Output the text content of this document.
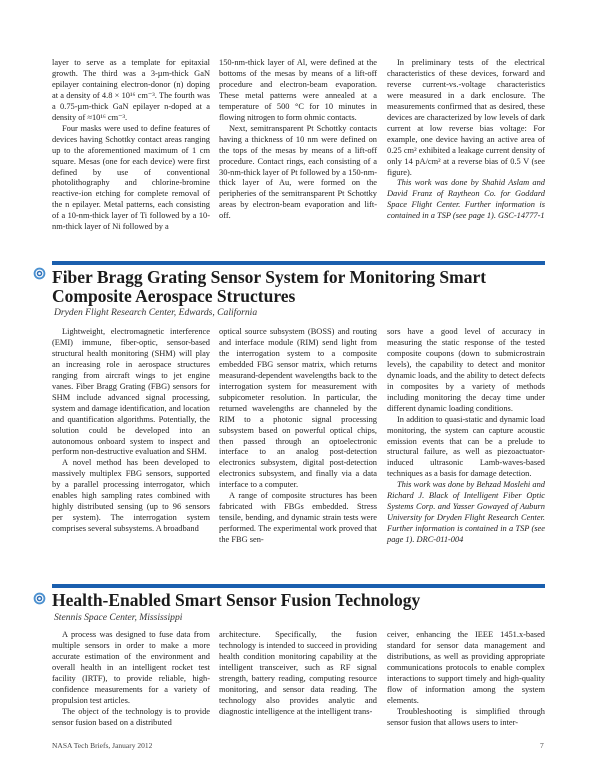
layer to serve as a template for epitaxial growth. The third was a 3-µm-thick GaN epilayer containing electron-donor (n) doping at a density of 4.8 × 10¹⁶ cm⁻³. The fourth was a 0.75-µm-thick GaN epilayer n-doped at a density of ≈10¹⁶ cm⁻³.

Four masks were used to define features of devices having Schottky contact areas ranging up to the aforementioned maximum of 1 cm square. Mesas (one for each device) were first defined by use of conventional photolithography and chlorine-bromine reactive-ion etching for complete removal of the n epilayer. Metal patterns, each consisting of a 10-nm-thick layer of Ti followed by a 10-nm-thick layer of Ni followed by a

150-nm-thick layer of Al, were defined at the bottoms of the mesas by means of a lift-off procedure and electron-beam evaporation. These metal patterns were annealed at a temperature of 500 °C for 10 minutes in flowing nitrogen to form ohmic contacts.

Next, semitransparent Pt Schottky contacts having a thickness of 10 nm were defined on the tops of the mesas by means of a lift-off procedure. Contact rings, each consisting of a 30-nm-thick layer of Pt followed by a 150-nm-thick layer of Au, were formed on the peripheries of the semitransparent Pt Schottky areas by electron-beam evaporation and lift-off.

In preliminary tests of the electrical characteristics of these devices, forward and reverse current-vs.-voltage characteristics were measured in a dark enclosure. The measurements confirmed that as desired, these devices are characterized by low levels of dark current at low reverse bias voltage: For example, one device having an active area of 0.25 cm² exhibited a leakage current density of only 14 pA/cm² at a reverse bias of 0.5 V (see figure).

This work was done by Shahid Aslam and David Franz of Raytheon Co. for Goddard Space Flight Center. Further information is contained in a TSP (see page 1). GSC-14777-1

Fiber Bragg Grating Sensor System for Monitoring Smart
Composite Aerospace Structures
Dryden Flight Research Center, Edwards, California

Lightweight, electromagnetic interference (EMI) immune, fiber-optic, sensor-based structural health monitoring (SHM) will play an increasing role in aerospace structures ranging from aircraft wings to jet engine vanes. Fiber Bragg Grating (FBG) sensors for SHM include advanced signal processing, system and damage identification, and location and quantification algorithms. Potentially, the solution could be developed into an autonomous onboard system to inspect and perform non-destructive evaluation and SHM.

A novel method has been developed to massively multiplex FBG sensors, supported by a parallel processing interrogator, which enables high sampling rates combined with highly distributed sensing (up to 96 sensors per system). The interrogation system comprises several subsystems. A broadband

optical source subsystem (BOSS) and routing and interface module (RIM) send light from the interrogation system to a composite embedded FBG sensor matrix, which returns measurand-dependent wavelengths back to the interrogation system for measurement with subpicometer resolution. In particular, the returned wavelengths are channeled by the RIM to a photonic signal processing subsystem based on powerful optical chips, then passed through an optoelectronic interface to an analog post-detection electronics subsystem, digital post-detection electronics subsystem, and finally via a data interface to a computer.

A range of composite structures has been fabricated with FBGs embedded. Stress tensile, bending, and dynamic strain tests were performed. The experimental work proved that the FBG sen-

sors have a good level of accuracy in measuring the static response of the tested composite coupons (down to submicrostrain levels), the capability to detect and monitor dynamic loads, and the ability to detect defects in composites by a variety of methods including monitoring the decay time under different dynamic loading conditions.

In addition to quasi-static and dynamic load monitoring, the system can capture acoustic emission events that can be a prelude to structural failure, as well as piezoactuator-induced ultrasonic Lamb-waves-based techniques as a basis for damage detection.

This work was done by Behzad Moslehi and Richard J. Black of Intelligent Fiber Optic Systems Corp. and Yasser Gowayed of Auburn University for Dryden Flight Research Center. Further information is contained in a TSP (see page 1). DRC-011-004

Health-Enabled Smart Sensor Fusion Technology
Stennis Space Center, Mississippi

A process was designed to fuse data from multiple sensors in order to make a more accurate estimation of the environment and overall health in an intelligent rocket test facility (IRTF), to provide reliable, high-confidence measurements for a variety of propulsion test articles.

The object of the technology is to provide sensor fusion based on a distributed

architecture. Specifically, the fusion technology is intended to succeed in providing health condition monitoring capability at the intelligent transceiver, such as RF signal strength, battery reading, computing resource monitoring, and sensor data reading. The technology also provides analytic and diagnostic intelligence at the intelligent trans-

ceiver, enhancing the IEEE 1451.x-based standard for sensor data management and distributions, as well as providing appropriate communications protocols to enable complex interactions to support timely and high-quality flow of information among the system elements.

Troubleshooting is simplified through sensor fusion that allows users to inter-

NASA Tech Briefs, January 2012	7
